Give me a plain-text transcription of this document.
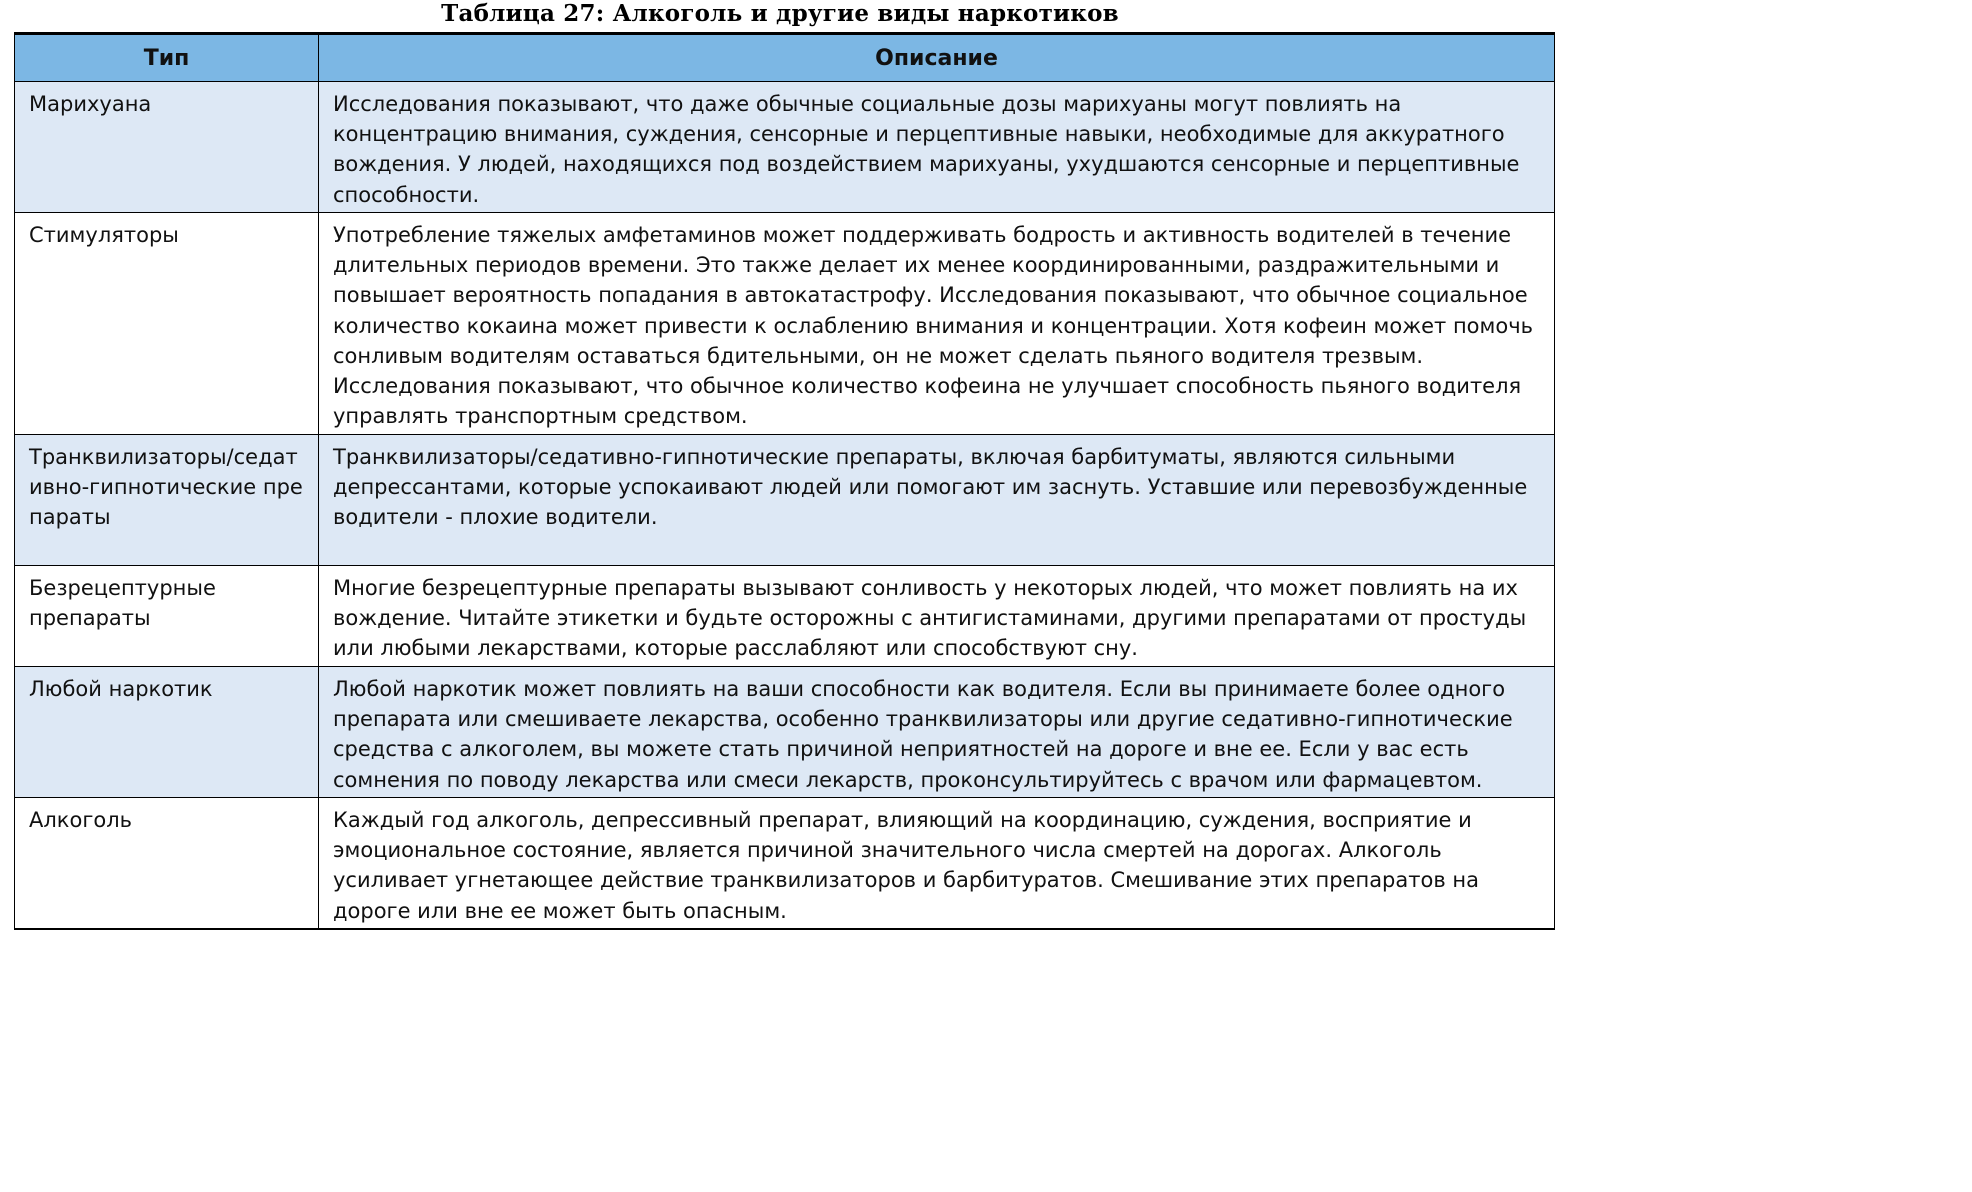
Таблица 27: Алкоголь и другие виды наркотиков
Тип	Описание
Марихуана	Исследования показывают, что даже обычные социальные дозы марихуаны могут повлиять на концентрацию внимания, суждения, сенсорные и перцептивные навыки, необходимые для аккуратного вождения. У людей, находящихся под воздействием марихуаны, ухудшаются сенсорные и перцептивные способности.
Стимуляторы	Употребление тяжелых амфетаминов может поддерживать бодрость и активность водителей в течение длительных периодов времени. Это также делает их менее координированными, раздражительными и повышает вероятность попадания в автокатастрофу. Исследования показывают, что обычное социальное количество кокаина может привести к ослаблению внимания и концентрации. Хотя кофеин может помочь сонливым водителям оставаться бдительными, он не может сделать пьяного водителя трезвым. Исследования показывают, что обычное количество кофеина не улучшает способность пьяного водителя управлять транспортным средством.
Транквилизаторы/седативно-гипнотические препараты	Транквилизаторы/седативно-гипнотические препараты, включая барбитуматы, являются сильными депрессантами, которые успокаивают людей или помогают им заснуть. Уставшие или перевозбужденные водители - плохие водители.
Безрецептурные препараты	Многие безрецептурные препараты вызывают сонливость у некоторых людей, что может повлиять на их вождение. Читайте этикетки и будьте осторожны с антигистаминами, другими препаратами от простуды или любыми лекарствами, которые расслабляют или способствуют сну.
Любой наркотик	Любой наркотик может повлиять на ваши способности как водителя. Если вы принимаете более одного препарата или смешиваете лекарства, особенно транквилизаторы или другие седативно-гипнотические средства с алкоголем, вы можете стать причиной неприятностей на дороге и вне ее. Если у вас есть сомнения по поводу лекарства или смеси лекарств, проконсультируйтесь с врачом или фармацевтом.
Алкоголь	Каждый год алкоголь, депрессивный препарат, влияющий на координацию, суждения, восприятие и эмоциональное состояние, является причиной значительного числа смертей на дорогах. Алкоголь усиливает угнетающее действие транквилизаторов и барбитуратов. Смешивание этих препаратов на дороге или вне ее может быть опасным.
